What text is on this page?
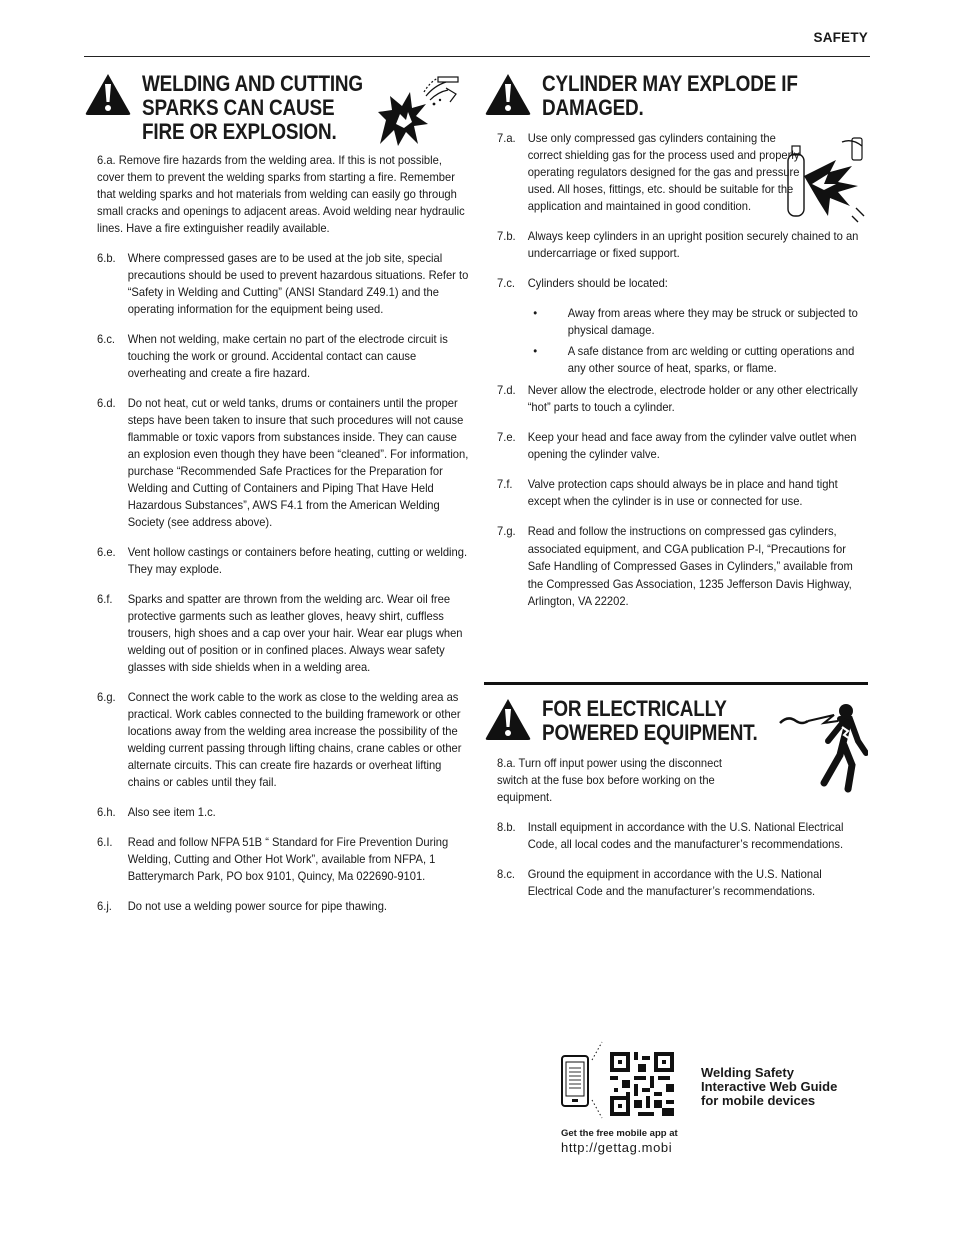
SAFETY
WELDING AND CUTTING
SPARKS CAN CAUSE
FIRE OR EXPLOSION.
6.a. Remove fire hazards from the welding area. If this is not possible, cover them to prevent the welding sparks from starting a fire. Remember that welding sparks and hot materials from welding can easily go through small cracks and openings to adjacent areas. Avoid welding near hydraulic lines. Have a fire extinguisher readily available.
6.b. Where compressed gases are to be used at the job site, special precautions should be used to prevent hazardous situations. Refer to “Safety in Welding and Cutting” (ANSI Standard Z49.1) and the operating information for the equipment being used.
6.c. When not welding, make certain no part of the electrode circuit is touching the work or ground. Accidental contact can cause overheating and create a fire hazard.
6.d. Do not heat, cut or weld tanks, drums or containers until the proper steps have been taken to insure that such procedures will not cause flammable or toxic vapors from substances inside. They can cause an explosion even though they have been “cleaned”. For information, purchase “Recommended Safe Practices for the Preparation for Welding and Cutting of Containers and Piping That Have Held Hazardous Substances”, AWS F4.1 from the American Welding Society (see address above).
6.e. Vent hollow castings or containers before heating, cutting or welding. They may explode.
6.f. Sparks and spatter are thrown from the welding arc. Wear oil free protective garments such as leather gloves, heavy shirt, cuffless trousers, high shoes and a cap over your hair. Wear ear plugs when welding out of position or in confined places. Always wear safety glasses with side shields when in a welding area.
6.g. Connect the work cable to the work as close to the welding area as practical. Work cables connected to the building framework or other locations away from the welding area increase the possibility of the welding current passing through lifting chains, crane cables or other alternate circuits. This can create fire hazards or overheat lifting chains or cables until they fail.
6.h. Also see item 1.c.
6.I. Read and follow NFPA 51B “ Standard for Fire Prevention During Welding, Cutting and Other Hot Work”, available from NFPA, 1 Batterymarch Park, PO box 9101, Quincy, Ma 022690-9101.
6.j. Do not use a welding power source for pipe thawing.
CYLINDER MAY EXPLODE IF
DAMAGED.
7.a. Use only compressed gas cylinders containing the correct shielding gas for the process used and properly operating regulators designed for the gas and pressure used. All hoses, fittings, etc. should be suitable for the application and maintained in good condition.
7.b. Always keep cylinders in an upright position securely chained to an undercarriage or fixed support.
7.c. Cylinders should be located:
• Away from areas where they may be struck or subjected to physical damage.
• A safe distance from arc welding or cutting operations and any other source of heat, sparks, or flame.
7.d. Never allow the electrode, electrode holder or any other electrically “hot” parts to touch a cylinder.
7.e. Keep your head and face away from the cylinder valve outlet when opening the cylinder valve.
7.f. Valve protection caps should always be in place and hand tight except when the cylinder is in use or connected for use.
7.g. Read and follow the instructions on compressed gas cylinders, associated equipment, and CGA publication P-l, “Precautions for Safe Handling of Compressed Gases in Cylinders,” available from the Compressed Gas Association, 1235 Jefferson Davis Highway, Arlington, VA 22202.
FOR ELECTRICALLY
POWERED EQUIPMENT.
8.a. Turn off input power using the disconnect switch at the fuse box before working on the equipment.
8.b. Install equipment in accordance with the U.S. National Electrical Code, all local codes and the manufacturer’s recommendations.
8.c. Ground the equipment in accordance with the U.S. National Electrical Code and the manufacturer’s recommendations.
Welding Safety
Interactive Web Guide
for mobile devices
Get the free mobile app at
http://gettag.mobi
